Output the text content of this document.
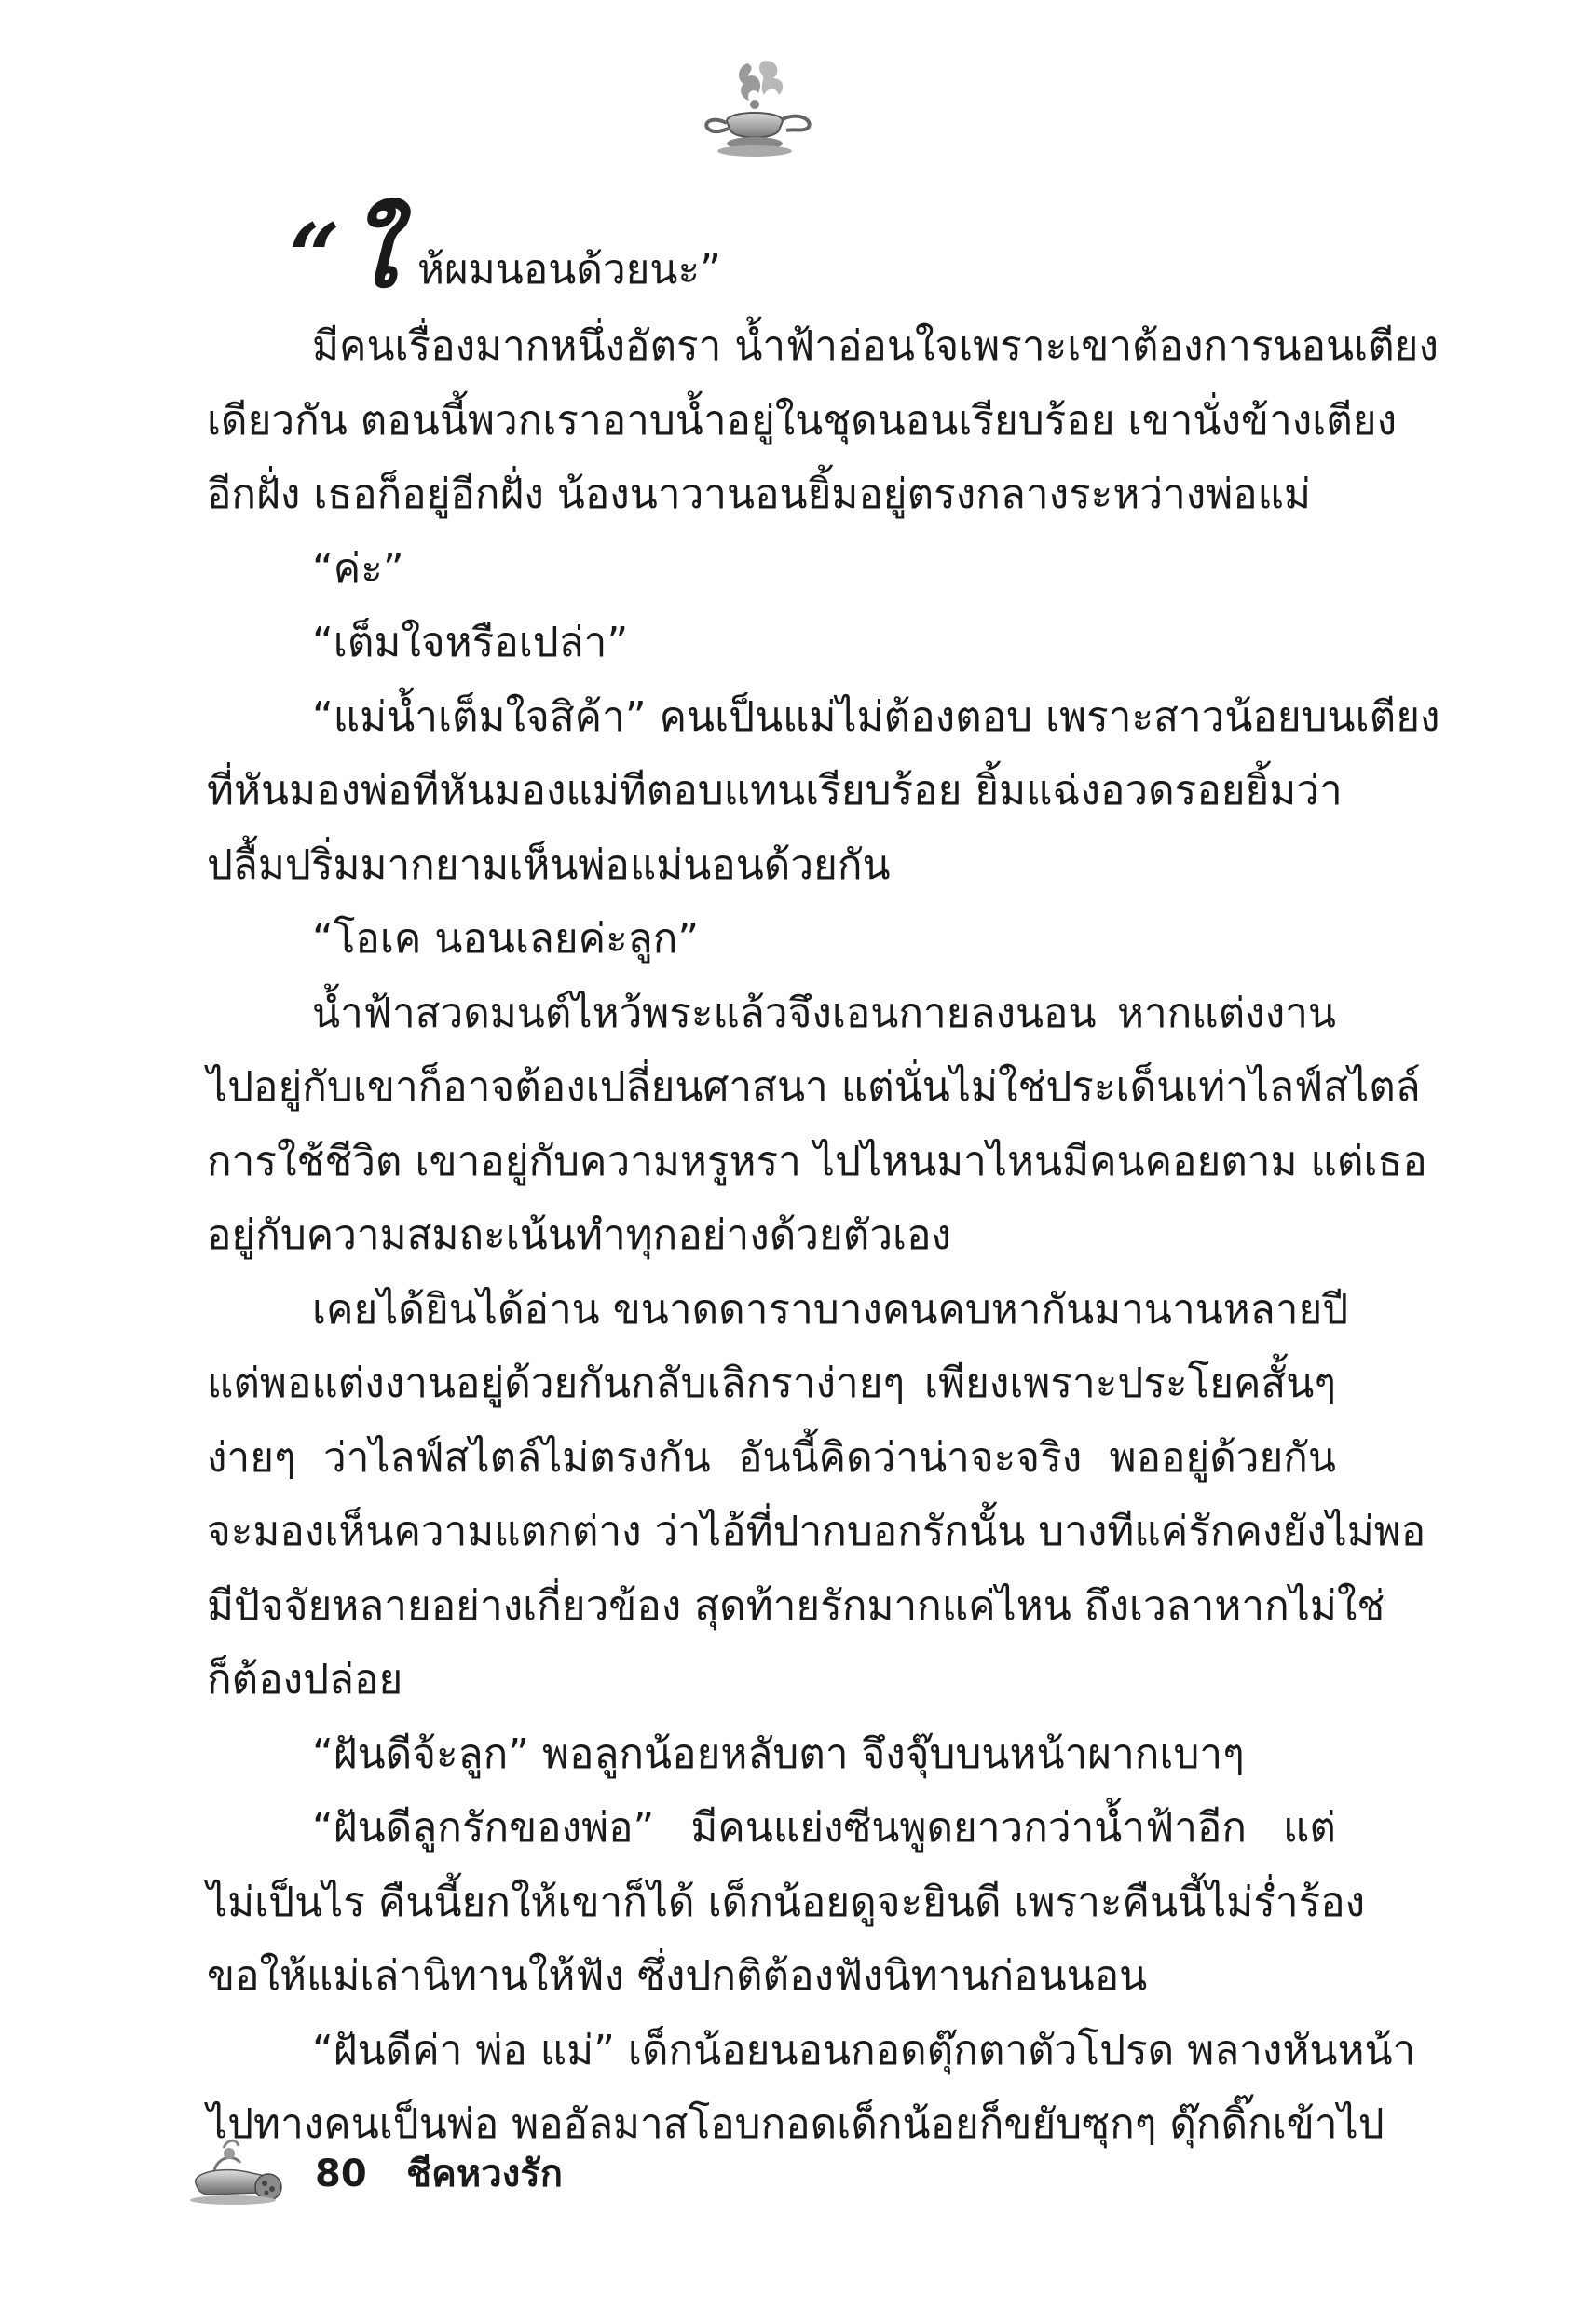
“ ใ ห้ผมนอนด้วยนะ”
มีคนเรื่องมากหนึ่งอัตรา น้ำฟ้าอ่อนใจเพราะเขาต้องการนอนเตียง
เดียวกัน ตอนนี้พวกเราอาบน้ำอยู่ในชุดนอนเรียบร้อย เขานั่งข้างเตียง
อีกฝั่ง เธอก็อยู่อีกฝั่ง น้องนาวานอนยิ้มอยู่ตรงกลางระหว่างพ่อแม่
“ค่ะ”
“เต็มใจหรือเปล่า”
“แม่น้ำเต็มใจสิค้า” คนเป็นแม่ไม่ต้องตอบ เพราะสาวน้อยบนเตียง
ที่หันมองพ่อทีหันมองแม่ทีตอบแทนเรียบร้อย ยิ้มแฉ่งอวดรอยยิ้มว่า
ปลื้มปริ่มมากยามเห็นพ่อแม่นอนด้วยกัน
“โอเค นอนเลยค่ะลูก”
น้ำฟ้าสวดมนต์ไหว้พระแล้วจึงเอนกายลงนอน หากแต่งงาน
ไปอยู่กับเขาก็อาจต้องเปลี่ยนศาสนา แต่นั่นไม่ใช่ประเด็นเท่าไลฟ์สไตล์
การใช้ชีวิต เขาอยู่กับความหรูหรา ไปไหนมาไหนมีคนคอยตาม แต่เธอ
อยู่กับความสมถะเน้นทำทุกอย่างด้วยตัวเอง
เคยได้ยินได้อ่าน ขนาดดาราบางคนคบหากันมานานหลายปี
แต่พอแต่งงานอยู่ด้วยกันกลับเลิกราง่ายๆ เพียงเพราะประโยคสั้นๆ
ง่ายๆ ว่าไลฟ์สไตล์ไม่ตรงกัน อันนี้คิดว่าน่าจะจริง พออยู่ด้วยกัน
จะมองเห็นความแตกต่าง ว่าไอ้ที่ปากบอกรักนั้น บางทีแค่รักคงยังไม่พอ
มีปัจจัยหลายอย่างเกี่ยวข้อง สุดท้ายรักมากแค่ไหน ถึงเวลาหากไม่ใช่
ก็ต้องปล่อย
“ฝันดีจ้ะลูก” พอลูกน้อยหลับตา จึงจุ๊บบนหน้าผากเบาๆ
“ฝันดีลูกรักของพ่อ” มีคนแย่งซีนพูดยาวกว่าน้ำฟ้าอีก แต่
ไม่เป็นไร คืนนี้ยกให้เขาก็ได้ เด็กน้อยดูจะยินดี เพราะคืนนี้ไม่ร่ำร้อง
ขอให้แม่เล่านิทานให้ฟัง ซึ่งปกติต้องฟังนิทานก่อนนอน
“ฝันดีค่า พ่อ แม่” เด็กน้อยนอนกอดตุ๊กตาตัวโปรด พลางหันหน้า
ไปทางคนเป็นพ่อ พออัลมาสโอบกอดเด็กน้อยก็ขยับซุกๆ ดุ๊กดิ๊กเข้าไป
80 ชีคหวงรัก
